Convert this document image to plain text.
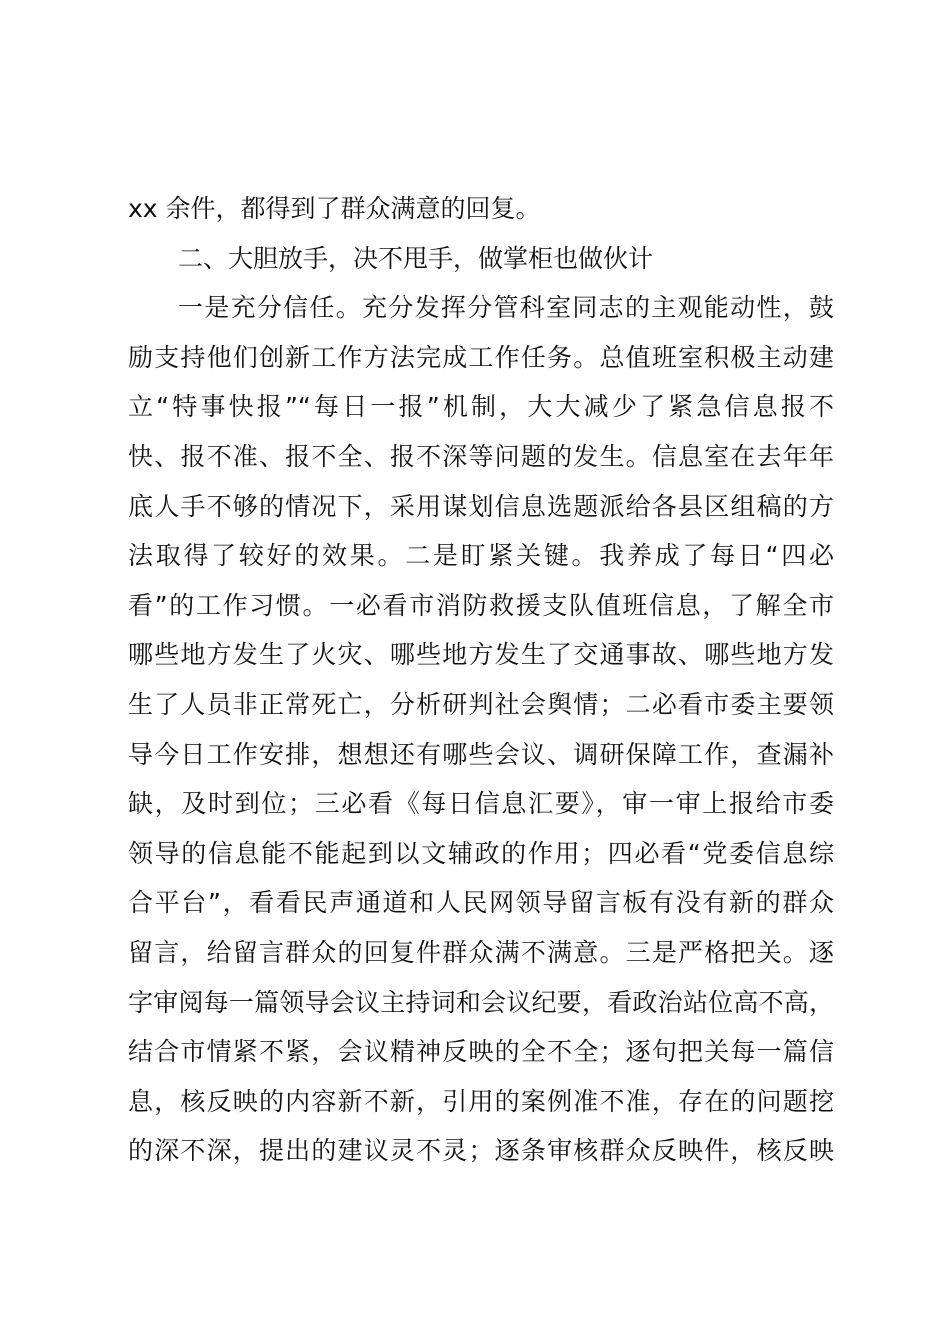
xx 余件，都得到了群众满意的回复。
二、大胆放手，决不甩手，做掌柜也做伙计
一是充分信任。充分发挥分管科室同志的主观能动性，鼓
励支持他们创新工作方法完成工作任务。总值班室积极主动建
立“特事快报”“每日一报”机制，大大减少了紧急信息报不
快、报不准、报不全、报不深等问题的发生。信息室在去年年
底人手不够的情况下，采用谋划信息选题派给各县区组稿的方
法取得了较好的效果。二是盯紧关键。我养成了每日“四必
看”的工作习惯。一必看市消防救援支队值班信息，了解全市
哪些地方发生了火灾、哪些地方发生了交通事故、哪些地方发
生了人员非正常死亡，分析研判社会舆情；二必看市委主要领
导今日工作安排，想想还有哪些会议、调研保障工作，查漏补
缺，及时到位；三必看《每日信息汇要》，审一审上报给市委
领导的信息能不能起到以文辅政的作用；四必看“党委信息综
合平台”，看看民声通道和人民网领导留言板有没有新的群众
留言，给留言群众的回复件群众满不满意。三是严格把关。逐
字审阅每一篇领导会议主持词和会议纪要，看政治站位高不高，
结合市情紧不紧，会议精神反映的全不全；逐句把关每一篇信
息，核反映的内容新不新，引用的案例准不准，存在的问题挖
的深不深，提出的建议灵不灵；逐条审核群众反映件，核反映
